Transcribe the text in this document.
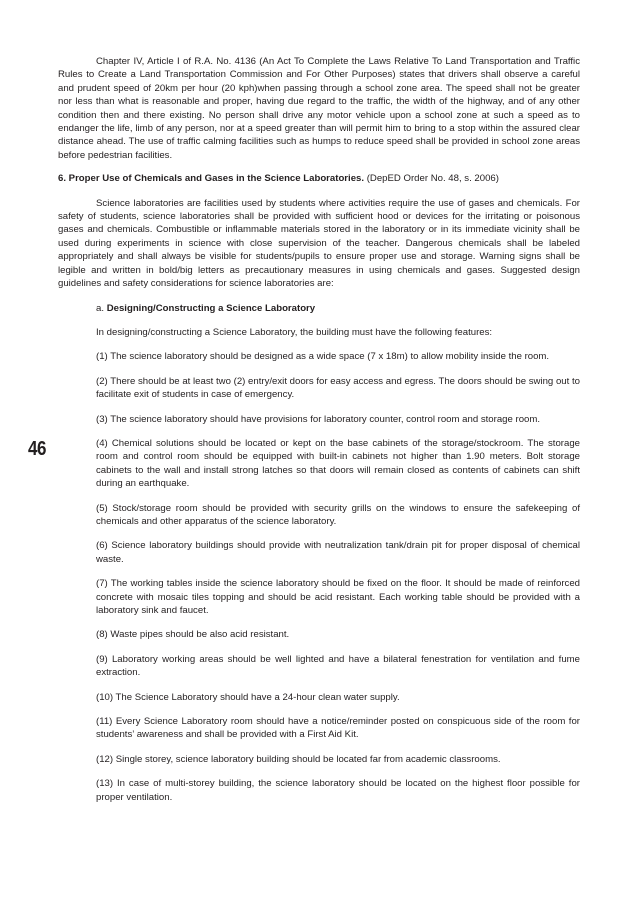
46

Chapter IV, Article I of R.A. No. 4136 (An Act To Complete the Laws Relative To Land Transportation and Traffic Rules to Create a Land Transportation Commission and For Other Purposes) states that drivers shall observe a careful and prudent speed of 20km per hour (20 kph)when passing through a school zone area. The speed shall not be greater nor less than what is reasonable and proper, having due regard to the traffic, the width of the highway, and of any other condition then and there existing. No person shall drive any motor vehicle upon a school zone at such a speed as to endanger the life, limb of any person, nor at a speed greater than will permit him to bring to a stop within the assured clear distance ahead. The use of traffic calming facilities such as humps to reduce speed shall be provided in school zone areas before pedestrian facilities.

6. Proper Use of Chemicals and Gases in the Science Laboratories. (DepED Order No. 48, s. 2006)

Science laboratories are facilities used by students where activities require the use of gases and chemicals. For safety of students, science laboratories shall be provided with sufficient hood or devices for the irritating or poisonous gases and chemicals. Combustible or inflammable materials stored in the laboratory or in its immediate vicinity shall be used during experiments in science with close supervision of the teacher. Dangerous chemicals shall be labeled appropriately and shall always be visible for students/pupils to ensure proper use and storage. Warning signs shall be legible and written in bold/big letters as precautionary measures in using chemicals and gases. Suggested design guidelines and safety considerations for science laboratories are:

a. Designing/Constructing a Science Laboratory

In designing/constructing a Science Laboratory, the building must have the following features:

(1) The science laboratory should be designed as a wide space (7 x 18m) to allow mobility inside the room.

(2) There should be at least two (2) entry/exit doors for easy access and egress. The doors should be swing out to facilitate exit of students in case of emergency.

(3) The science laboratory should have provisions for laboratory counter, control room and storage room.

(4) Chemical solutions should be located or kept on the base cabinets of the storage/stockroom. The storage room and control room should be equipped with built-in cabinets not higher than 1.90 meters. Bolt storage cabinets to the wall and install strong latches so that doors will remain closed as contents of cabinets can shift during an earthquake.

(5) Stock/storage room should be provided with security grills on the windows to ensure the safekeeping of chemicals and other apparatus of the science laboratory.

(6) Science laboratory buildings should provide with neutralization tank/drain pit for proper disposal of chemical waste.

(7) The working tables inside the science laboratory should be fixed on the floor. It should be made of reinforced concrete with mosaic tiles topping and should be acid resistant. Each working table should be provided with a laboratory sink and faucet.

(8) Waste pipes should be also acid resistant.

(9) Laboratory working areas should be well lighted and have a bilateral fenestration for ventilation and fume extraction.

(10) The Science Laboratory should have a 24-hour clean water supply.

(11) Every Science Laboratory room should have a notice/reminder posted on conspicuous side of the room for students’ awareness and shall be provided with a First Aid Kit.

(12) Single storey, science laboratory building should be located far from academic classrooms.

(13) In case of multi-storey building, the science laboratory should be located on the highest floor possible for proper ventilation.
